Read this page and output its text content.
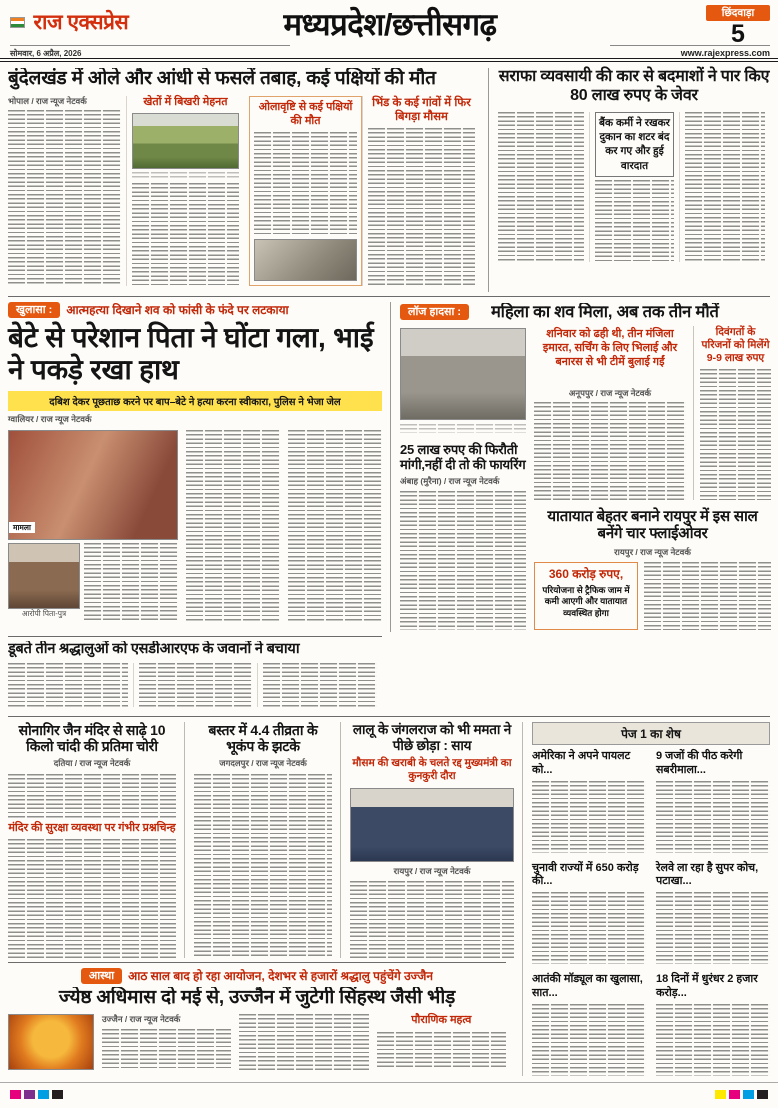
राज एक्सप्रेस
सोमवार, 6 अप्रैल, 2026
मध्यप्रदेश/छत्तीसगढ़	छिंदवाड़ा
5
www.rajexpress.com
बुंदेलखंड में ओले और आंधी से फसलें तबाह, कई पक्षियों की मौत
भोपाल / राज न्यूज नेटवर्क	खेतों में बिखरी मेहनत	ओलावृष्टि से कई पक्षियों की मौत
भिंड के कई गांवों में फिर बिगड़ा मौसम
सराफा व्यवसायी की कार से बदमाशों ने पार किए 80 लाख रुपए के जेवर
बैंक कर्मी ने रखकर दुकान का शटर बंद कर गए और हुई वारदात
खुलासा :	आत्महत्या दिखाने शव को फांसी के फंदे पर लटकाया
बेटे से परेशान पिता ने घोंटा गला, भाई ने पकड़े रखा हाथ
दबिश देकर पूछताछ करने पर बाप–बेटे ने हत्या करना स्वीकारा, पुलिस ने भेजा जेल
ग्वालियर / राज न्यूज नेटवर्क
मामला
आरोपी पिता-पुत्र
लॉज हादसा :	महिला का शव मिला, अब तक तीन मौतें
शनिवार को ढही थी, तीन मंजिला इमारत, सर्चिंग के लिए भिलाई और बनारस से भी टीमें बुलाई गईं
अनूपपुर / राज न्यूज नेटवर्क
दिवंगतों के परिजनों को मिलेंगे 9-9 लाख रुपए
25 लाख रुपए की फिरौती मांगी,नहीं दी तो की फायरिंग
अंबाह (मुरैना) / राज न्यूज नेटवर्क
यातायात बेहतर बनाने रायपुर में इस साल बनेंगे चार फ्लाईओवर
रायपुर / राज न्यूज नेटवर्क
360 करोड़ रुपए,
परियोजना से ट्रैफिक जाम में कमी आएगी और यातायात व्यवस्थित होगा
डूबते तीन श्रद्धालुओं को एसडीआरएफ के जवानों ने बचाया
सोनागिर जैन मंदिर से साढ़े 10 किलो चांदी की प्रतिमा चोरी
दतिया / राज न्यूज नेटवर्क
मंदिर की सुरक्षा व्यवस्था पर गंभीर प्रश्नचिन्ह
बस्तर में 4.4 तीव्रता के भूकंप के झटके
जगदलपुर / राज न्यूज नेटवर्क
लालू के जंगलराज को भी ममता ने पीछे छोड़ा : साय
मौसम की खराबी के चलते रद्द मुख्यमंत्री का कुनकुरी दौरा
रायपुर / राज न्यूज नेटवर्क
पेज 1 का शेष
अमेरिका ने अपने पायलट को...
चुनावी राज्यों में 650 करोड़ की...
आतंकी मॉड्यूल का खुलासा, सात...
9 जजों की पीठ करेगी सबरीमाला...
रेलवे ला रहा है सुपर कोच, पटाखा...
18 दिनों में धुरंधर 2 हजार करोड़...
आस्था	आठ साल बाद हो रहा आयोजन, देशभर से हजारों श्रद्धालु पहुंचेंगे उज्जैन
ज्येष्ठ अधिमास दो मई से, उज्जैन में जुटेगी सिंहस्थ जैसी भीड़
उज्जैन / राज न्यूज नेटवर्क	पौराणिक महत्व
